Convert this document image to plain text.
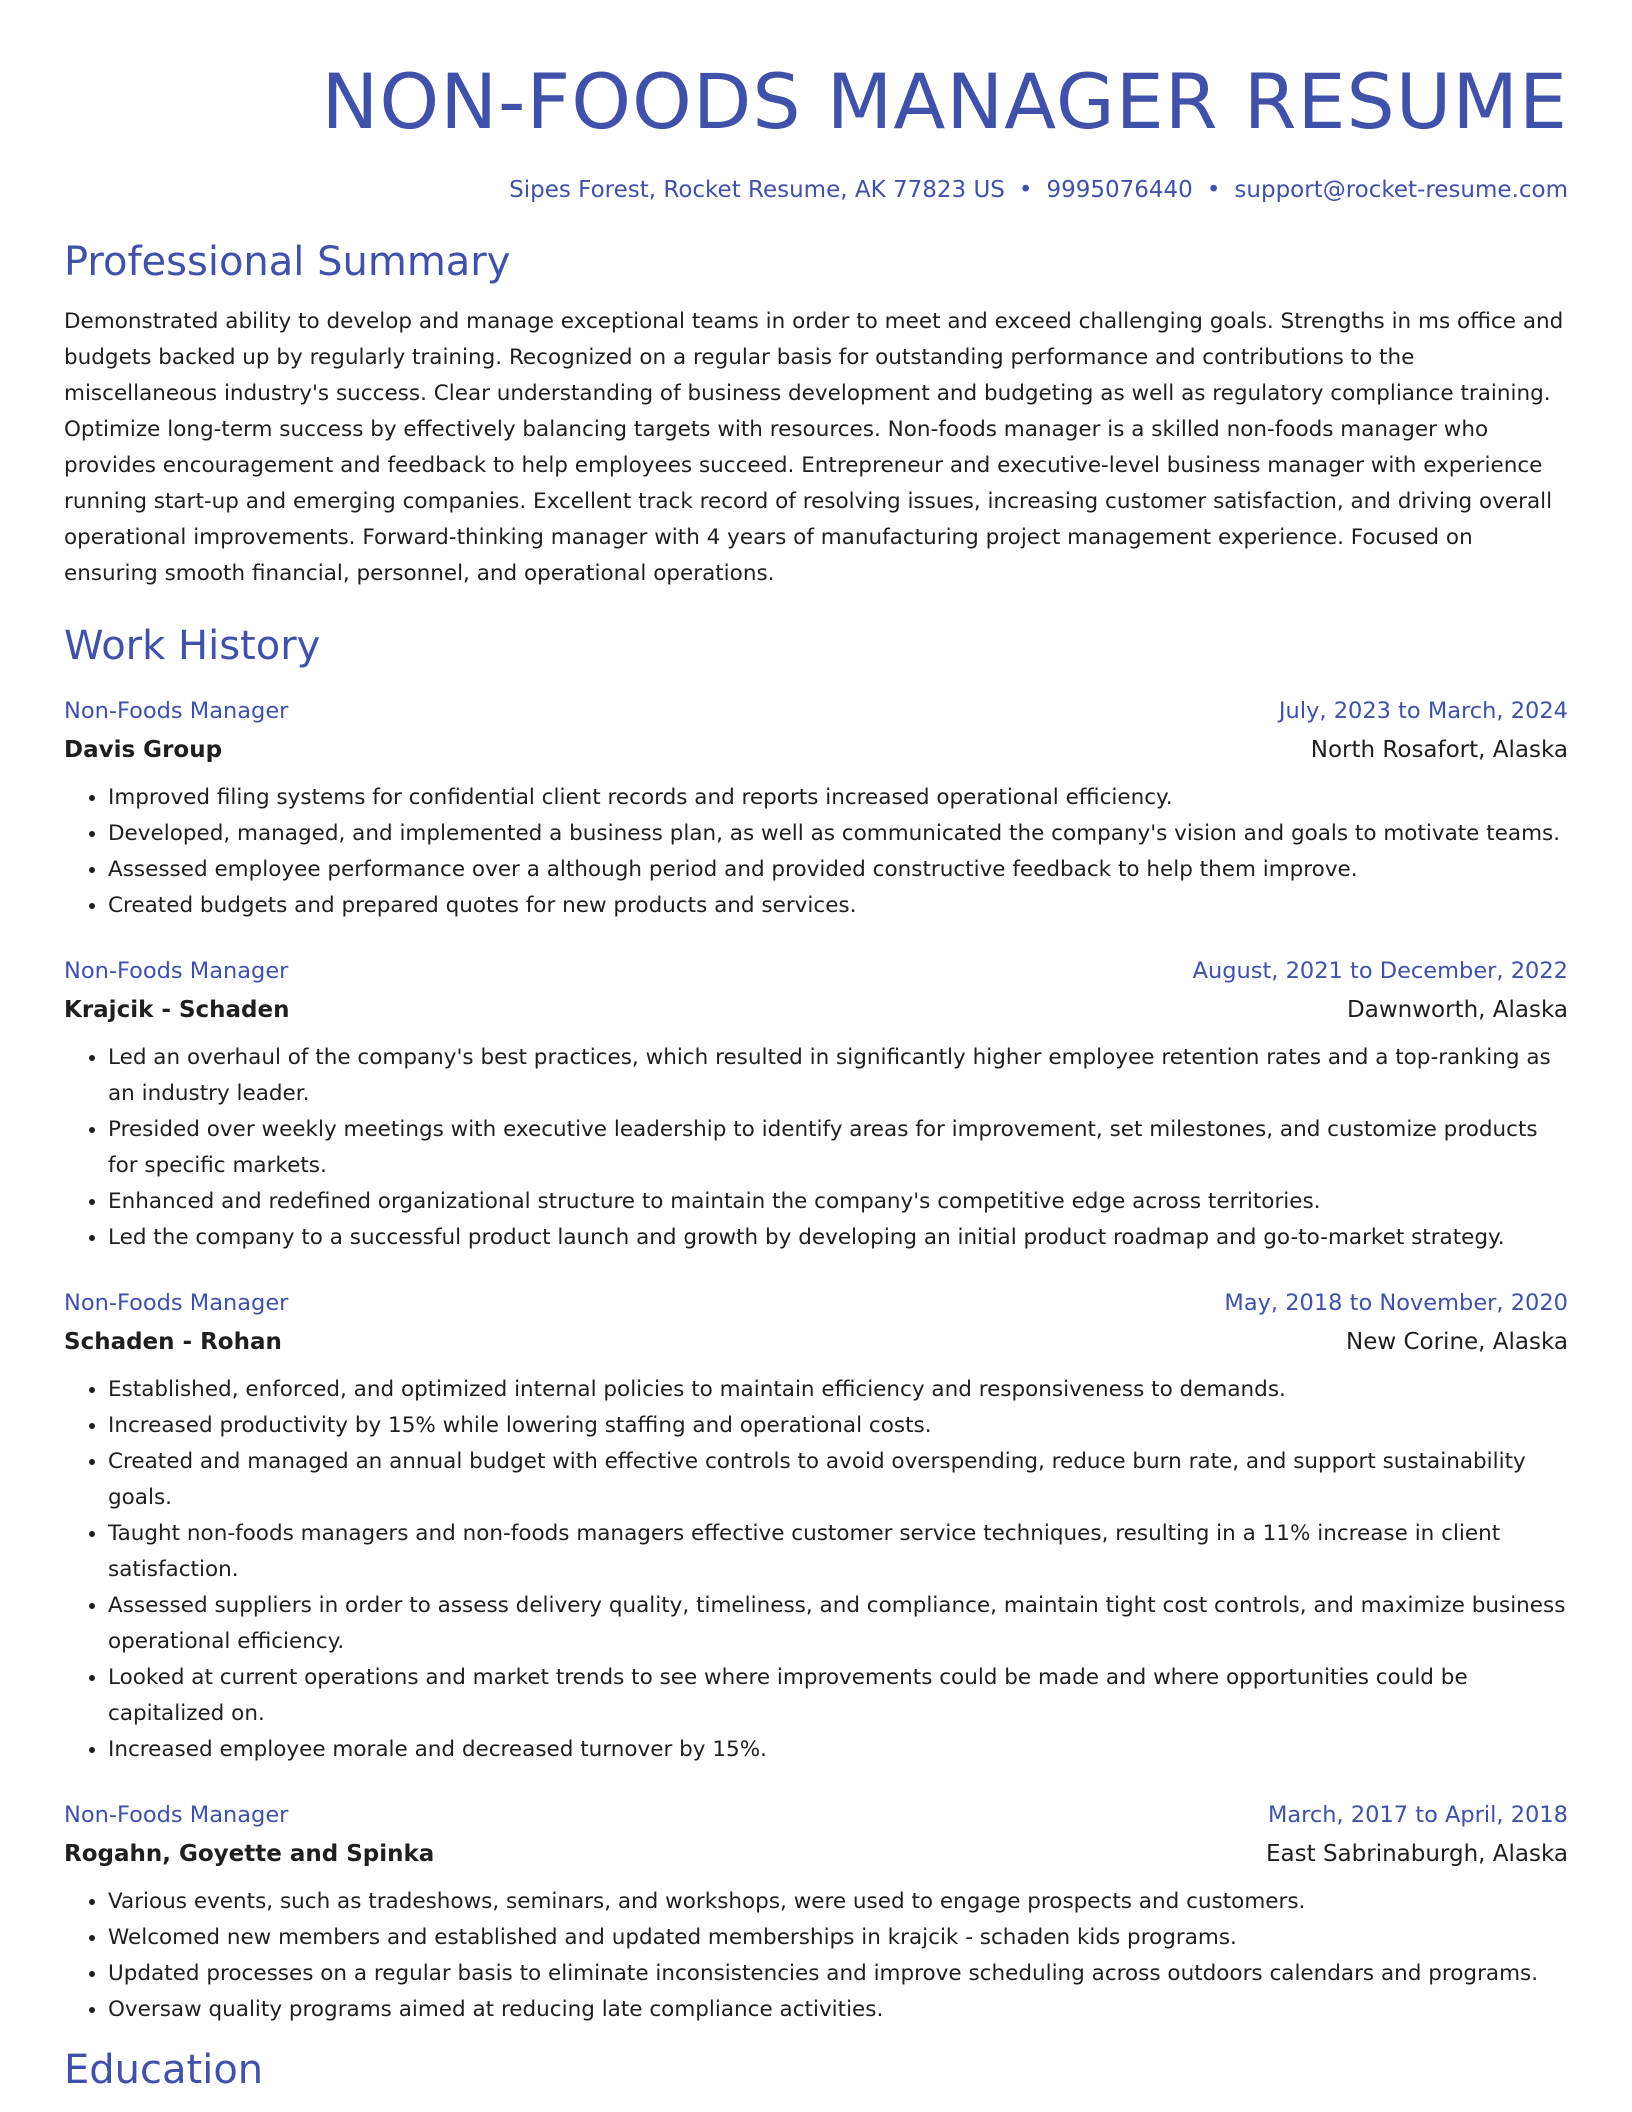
NON-FOODS MANAGER RESUME
Sipes Forest, Rocket Resume, AK 77823 US • 9995076440 • support@rocket-resume.com
Professional Summary

Demonstrated ability to develop and manage exceptional teams in order to meet and exceed challenging goals. Strengths in ms office and budgets backed up by regularly training. Recognized on a regular basis for outstanding performance and contributions to the miscellaneous industry's success. Clear understanding of business development and budgeting as well as regulatory compliance training. Optimize long-term success by effectively balancing targets with resources. Non-foods manager is a skilled non-foods manager who provides encouragement and feedback to help employees succeed. Entrepreneur and executive-level business manager with experience running start-up and emerging companies. Excellent track record of resolving issues, increasing customer satisfaction, and driving overall operational improvements. Forward-thinking manager with 4 years of manufacturing project management experience. Focused on ensuring smooth financial, personnel, and operational operations.

Work History
Non-Foods Manager	July, 2023 to March, 2024
Davis Group	North Rosafort, Alaska
• Improved filing systems for confidential client records and reports increased operational efficiency.
• Developed, managed, and implemented a business plan, as well as communicated the company's vision and goals to motivate teams.
• Assessed employee performance over a although period and provided constructive feedback to help them improve.
• Created budgets and prepared quotes for new products and services.
Non-Foods Manager	August, 2021 to December, 2022
Krajcik - Schaden	Dawnworth, Alaska
• Led an overhaul of the company's best practices, which resulted in significantly higher employee retention rates and a top-ranking as an industry leader.
• Presided over weekly meetings with executive leadership to identify areas for improvement, set milestones, and customize products for specific markets.
• Enhanced and redefined organizational structure to maintain the company's competitive edge across territories.
• Led the company to a successful product launch and growth by developing an initial product roadmap and go-to-market strategy.
Non-Foods Manager	May, 2018 to November, 2020
Schaden - Rohan	New Corine, Alaska
• Established, enforced, and optimized internal policies to maintain efficiency and responsiveness to demands.
• Increased productivity by 15% while lowering staffing and operational costs.
• Created and managed an annual budget with effective controls to avoid overspending, reduce burn rate, and support sustainability goals.
• Taught non-foods managers and non-foods managers effective customer service techniques, resulting in a 11% increase in client satisfaction.
• Assessed suppliers in order to assess delivery quality, timeliness, and compliance, maintain tight cost controls, and maximize business operational efficiency.
• Looked at current operations and market trends to see where improvements could be made and where opportunities could be capitalized on.
• Increased employee morale and decreased turnover by 15%.
Non-Foods Manager	March, 2017 to April, 2018
Rogahn, Goyette and Spinka	East Sabrinaburgh, Alaska
• Various events, such as tradeshows, seminars, and workshops, were used to engage prospects and customers.
• Welcomed new members and established and updated memberships in krajcik - schaden kids programs.
• Updated processes on a regular basis to eliminate inconsistencies and improve scheduling across outdoors calendars and programs.
• Oversaw quality programs aimed at reducing late compliance activities.
Education
